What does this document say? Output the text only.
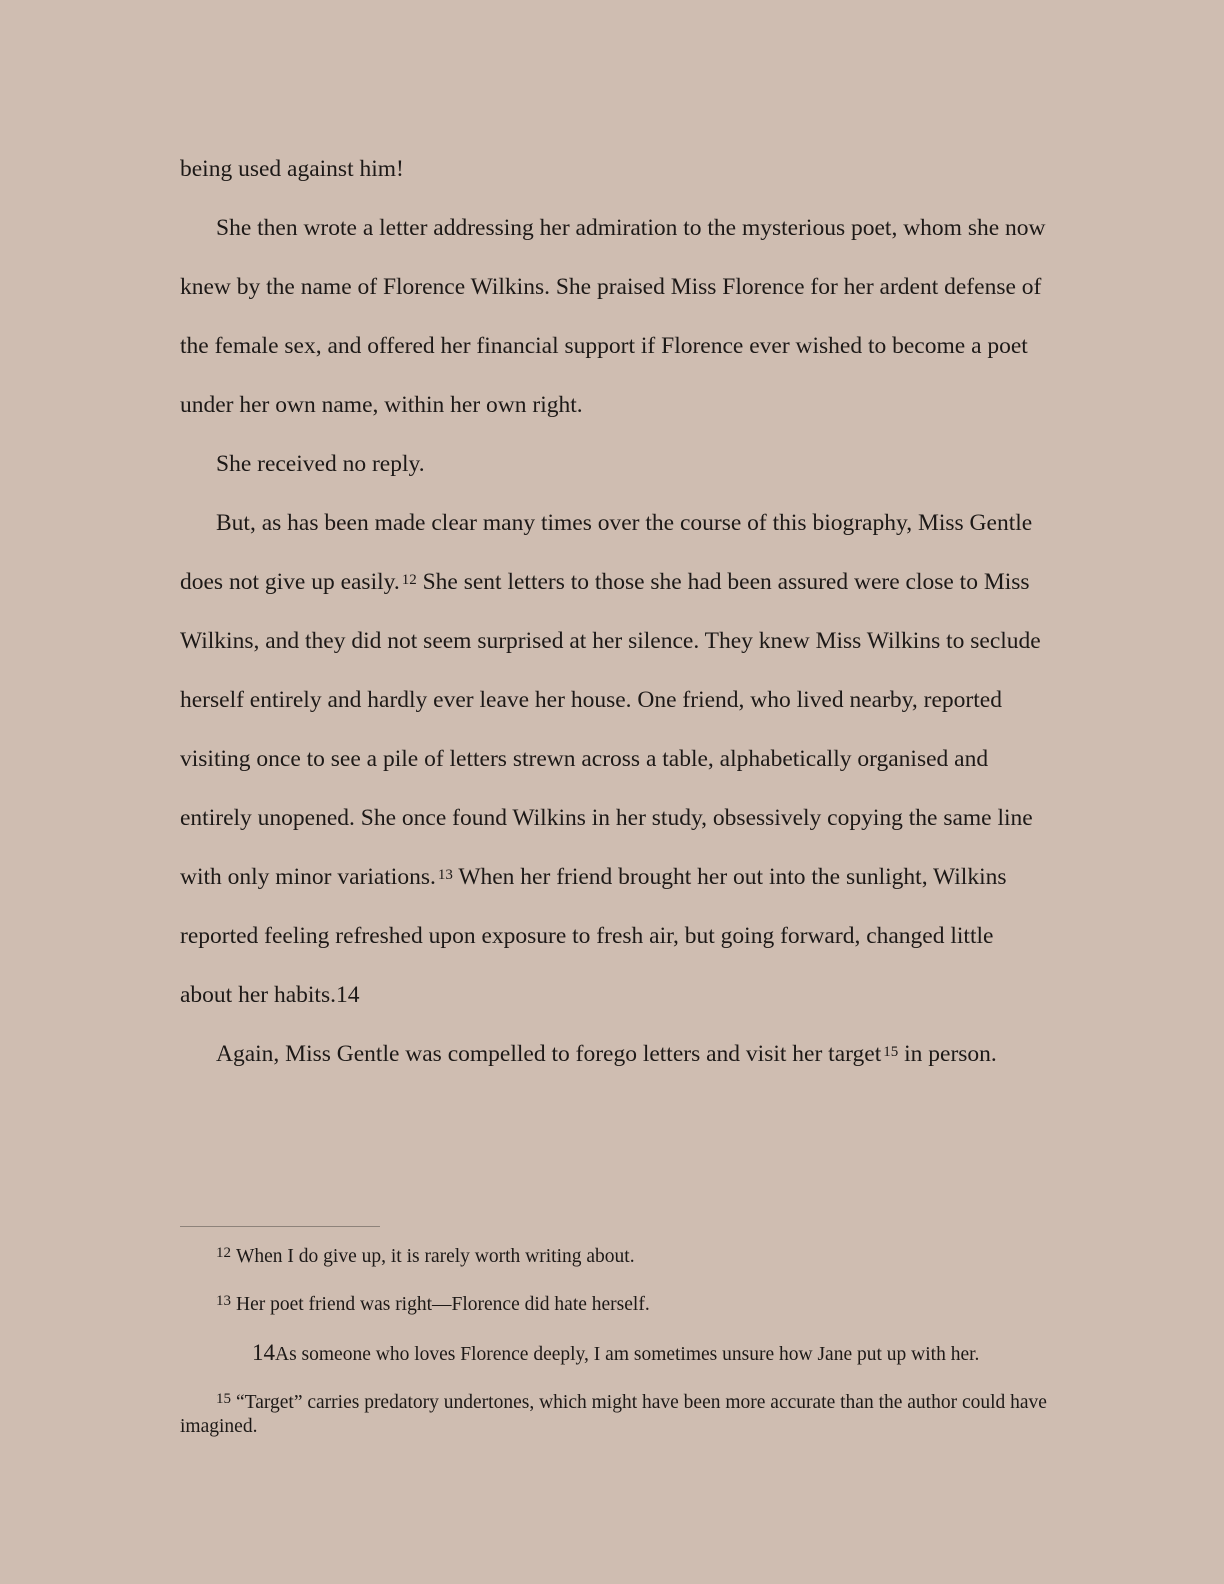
being used against him!

She then wrote a letter addressing her admiration to the mysterious poet, whom she now knew by the name of Florence Wilkins. She praised Miss Florence for her ardent defense of the female sex, and offered her financial support if Florence ever wished to become a poet under her own name, within her own right.

She received no reply.

But, as has been made clear many times over the course of this biography, Miss Gentle does not give up easily. $^{12}$ She sent letters to those she had been assured were close to Miss Wilkins, and they did not seem surprised at her silence. They knew Miss Wilkins to seclude herself entirely and hardly ever leave her house. One friend, who lived nearby, reported visiting once to see a pile of letters strewn across a table, alphabetically organised and entirely unopened. She once found Wilkins in her study, obsessively copying the same line with only minor variations. $^{13}$ When her friend brought her out into the sunlight, Wilkins reported feeling refreshed upon exposure to fresh air, but going forward, changed little about her habits.14

Again, Miss Gentle was compelled to forego letters and visit her target $^{15}$ in person.

$^{12}$ When I do give up, it is rarely worth writing about.

$^{13}$ Her poet friend was right—Florence did hate herself.

14As someone who loves Florence deeply, I am sometimes unsure how Jane put up with her.

$^{15}$ “Target” carries predatory undertones, which might have been more accurate than the author could have imagined.
